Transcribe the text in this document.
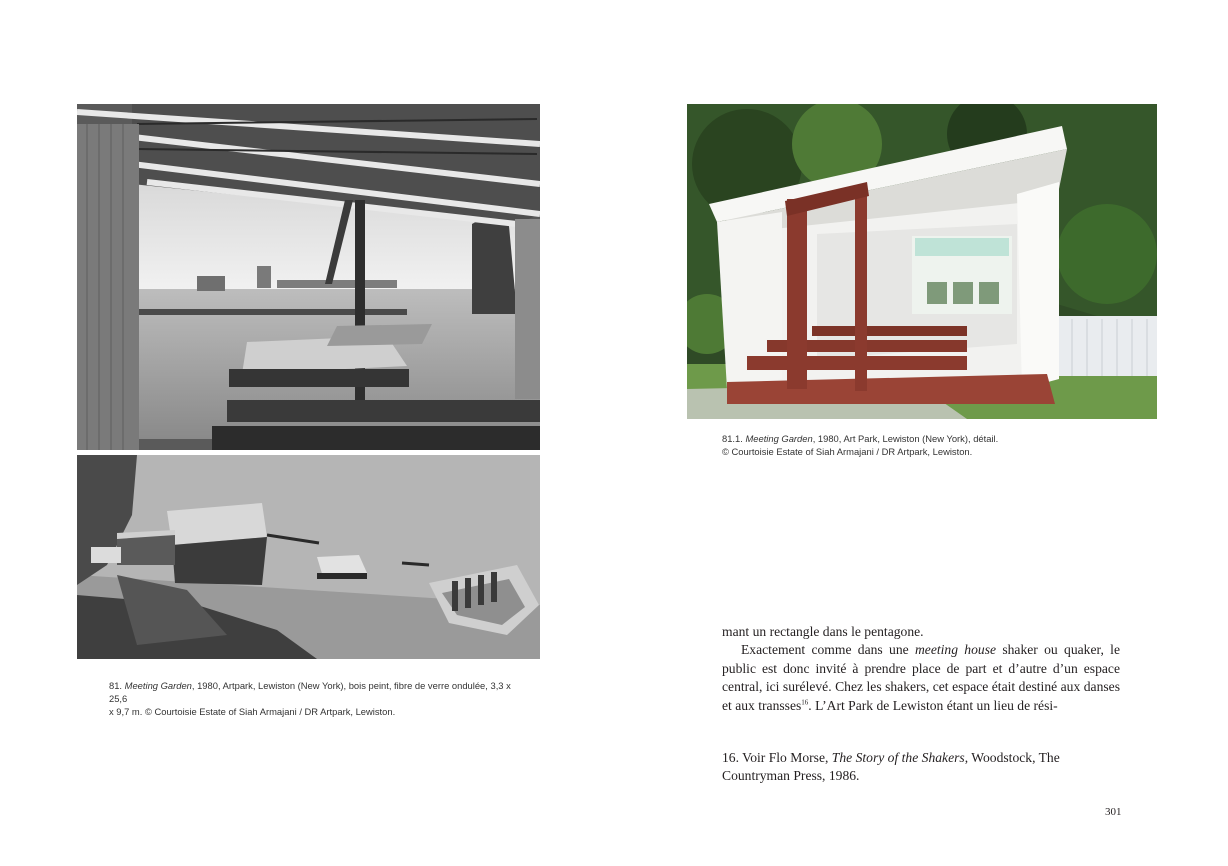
81. Meeting Garden, 1980, Artpark, Lewiston (New York), bois peint, fibre de verre ondulée, 3,3 x 25,6
x 9,7 m. © Courtoisie Estate of Siah Armajani / DR Artpark, Lewiston.
81.1. Meeting Garden, 1980, Art Park, Lewiston (New York), détail.
© Courtoisie Estate of Siah Armajani / DR Artpark, Lewiston.

mant un rectangle dans le pentagone.

Exactement comme dans une meeting house shaker ou quaker, le public est donc invité à prendre place de part et d’autre d’un espace central, ici surélevé. Chez les shakers, cet espace était destiné aux danses et aux transses$^{16}$. L’Art Park de Lewiston étant un lieu de rési-

16. Voir Flo Morse, The Story of the Shakers, Woodstock, The Countryman Press, 1986.
301
